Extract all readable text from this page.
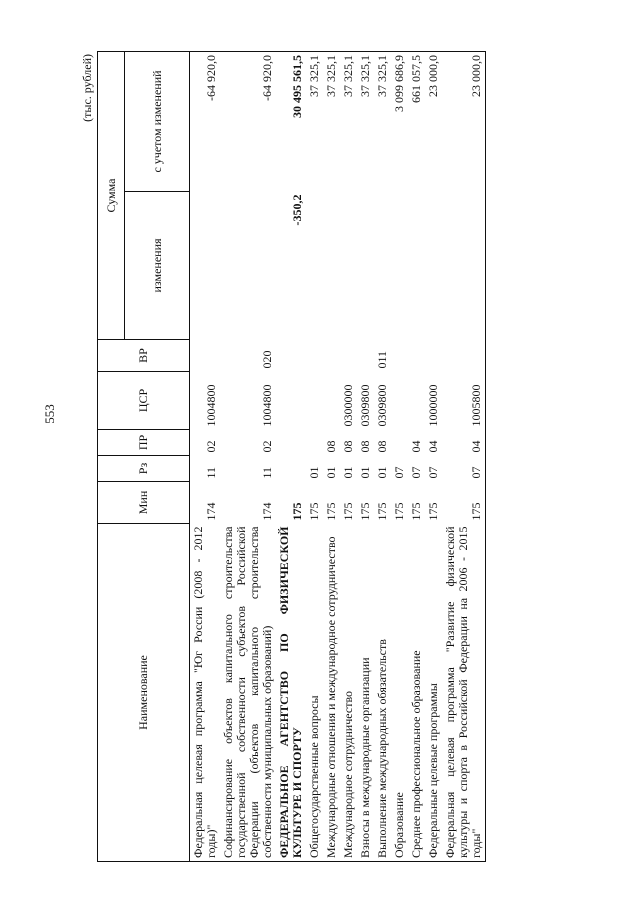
553
(тыс. рублей)
Наименование	Мин	Рз	ПР	ЦСР	ВР	Сумма	
						изменения	с учетом изменений
Федеральная целевая программа "Юг России (2008 - 2012 годы)"	174	11	02	1004800			-64 920,0
Софинансирование объектов капитального строительства государственной собственности субъектов Российской Федерации (объектов капитального строительства собственности муниципальных образований)	174	11	02	1004800	020		-64 920,0
ФЕДЕРАЛЬНОЕ АГЕНТСТВО ПО ФИЗИЧЕСКОЙ КУЛЬТУРЕ И СПОРТУ	175					-350,2	30 495 561,5
Общегосударственные вопросы	175	01					37 325,1
Международные отношения и международное сотрудничество	175	01	08				37 325,1
Международное сотрудничество	175	01	08	0300000			37 325,1
Взносы в международные организации	175	01	08	0309800			37 325,1
Выполнение международных обязательств	175	01	08	0309800	011		37 325,1
Образование	175	07					3 099 686,9
Среднее профессиональное образование	175	07	04				661 057,5
Федеральные целевые программы	175	07	04	1000000			23 000,0
Федеральная целевая программа "Развитие физической культуры и спорта в Российской Федерации на 2006 - 2015 годы"	175	07	04	1005800			23 000,0
